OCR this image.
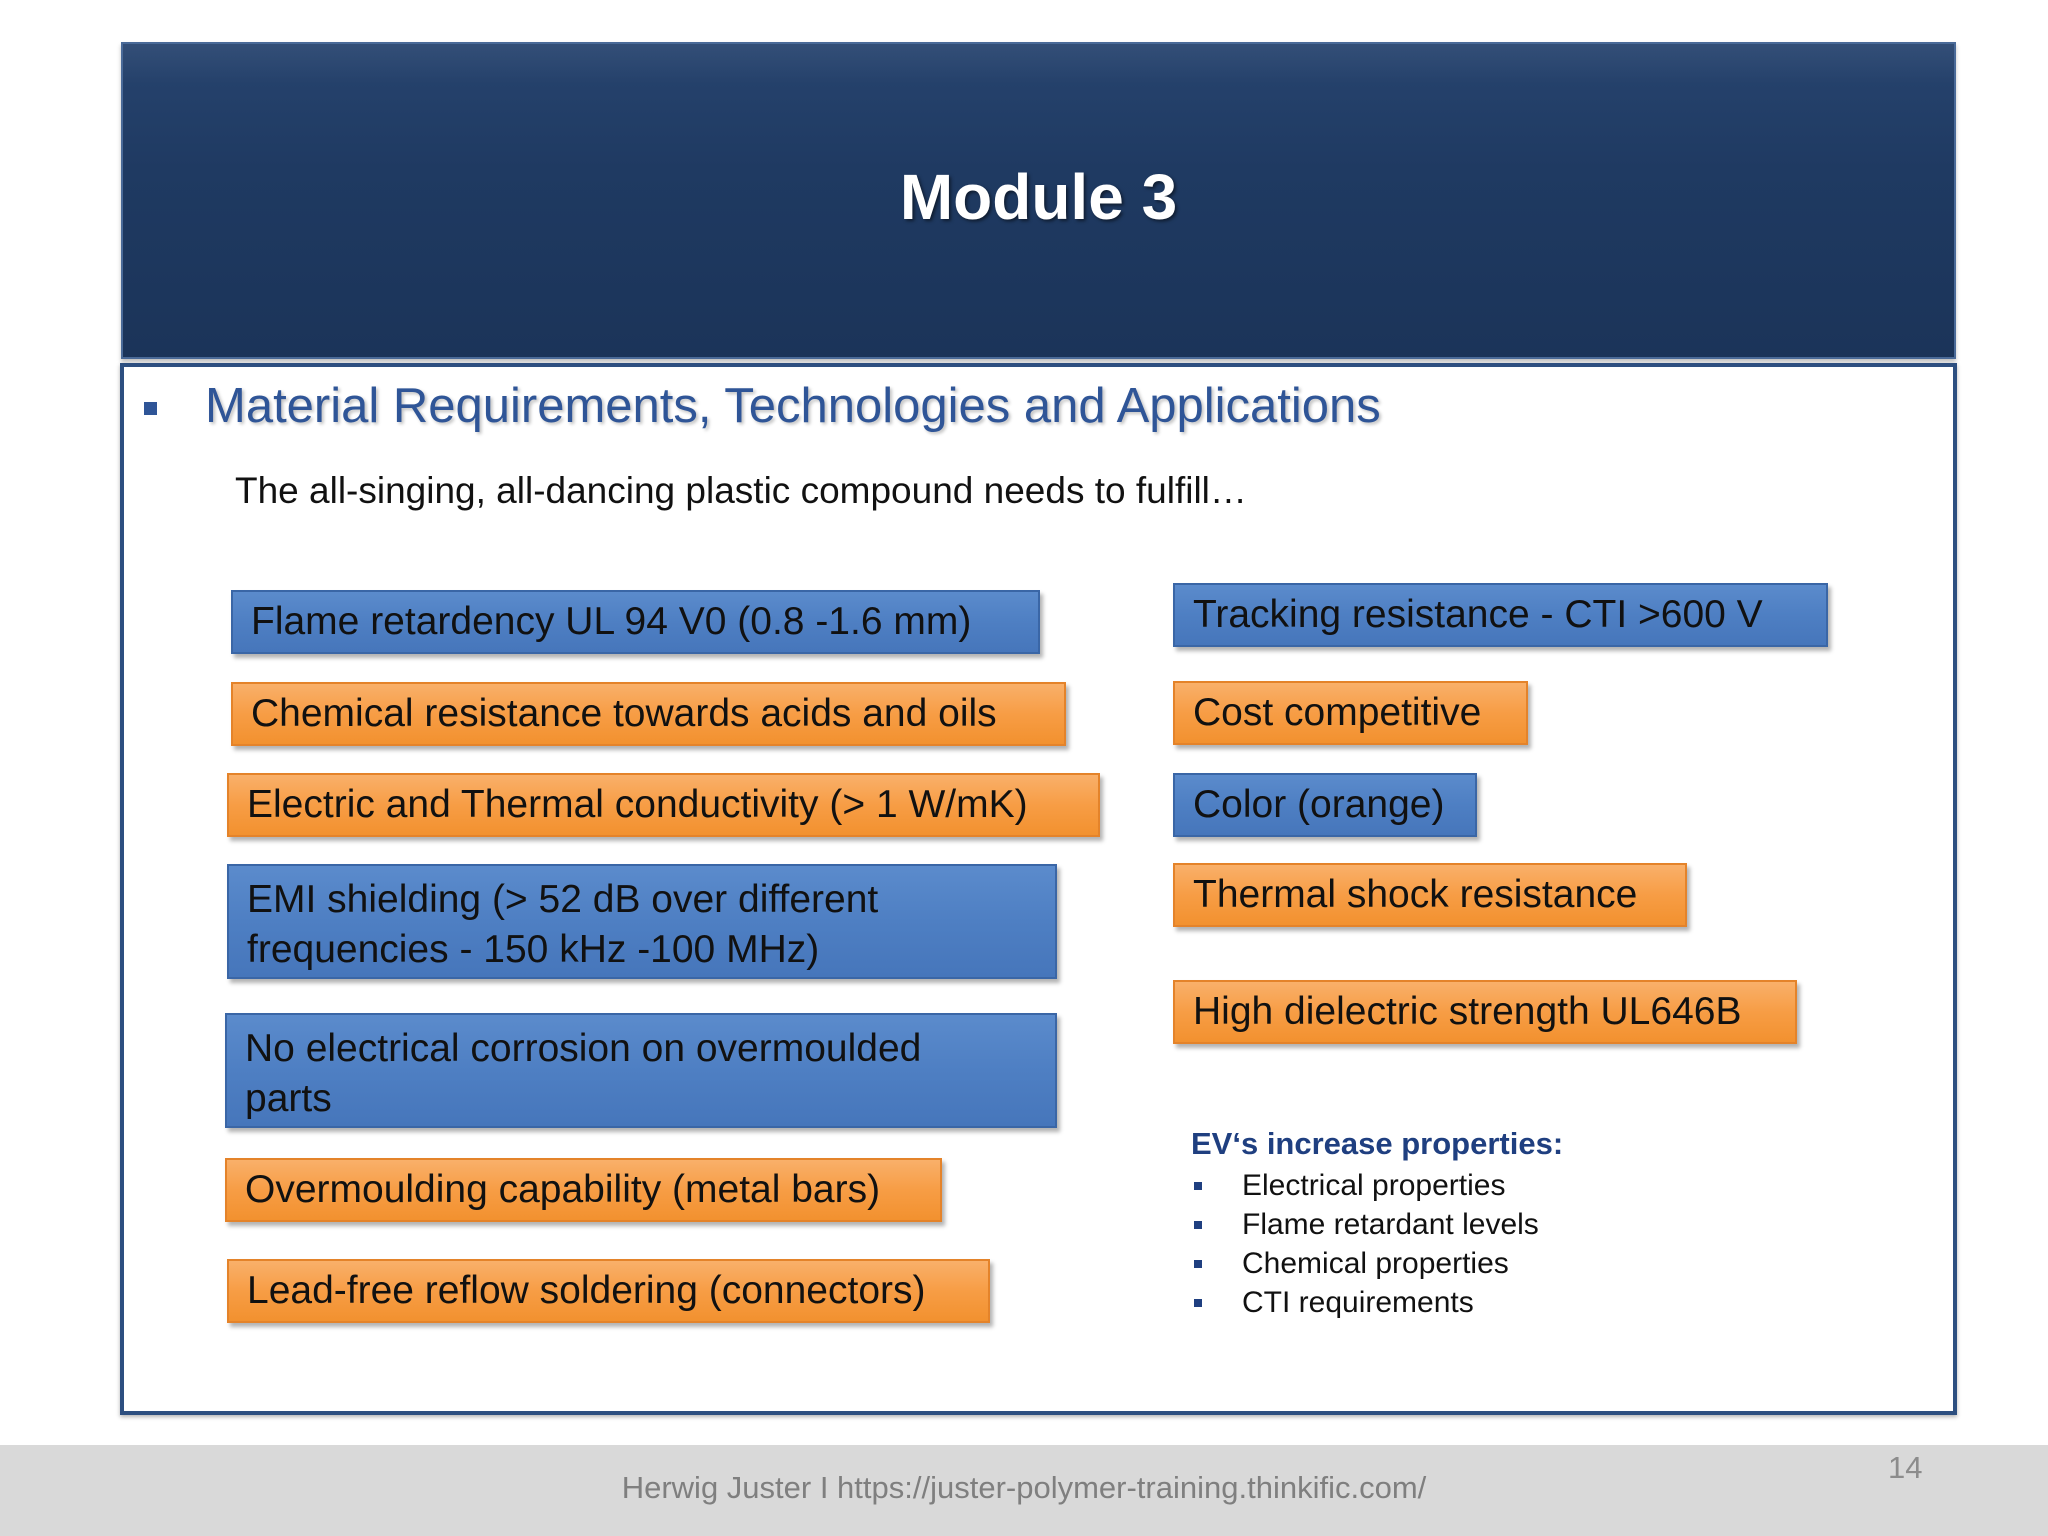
Module 3
Material Requirements, Technologies and Applications
The all-singing, all-dancing plastic compound needs to fulfill…
Flame retardency UL 94 V0 (0.8 -1.6 mm)
Chemical resistance towards acids and oils
Electric and Thermal conductivity (> 1 W/mK)
EMI shielding (> 52 dB over different
frequencies - 150 kHz -100 MHz)
No electrical corrosion on overmoulded
parts
Overmoulding capability (metal bars)
Lead-free reflow soldering (connectors)
Tracking resistance - CTI >600 V
Cost competitive
Color (orange)
Thermal shock resistance
High dielectric strength UL646B
EV‘s increase properties:
Electrical properties
Flame retardant levels
Chemical properties
CTI requirements
Herwig Juster I https://juster-polymer-training.thinkific.com/
14
